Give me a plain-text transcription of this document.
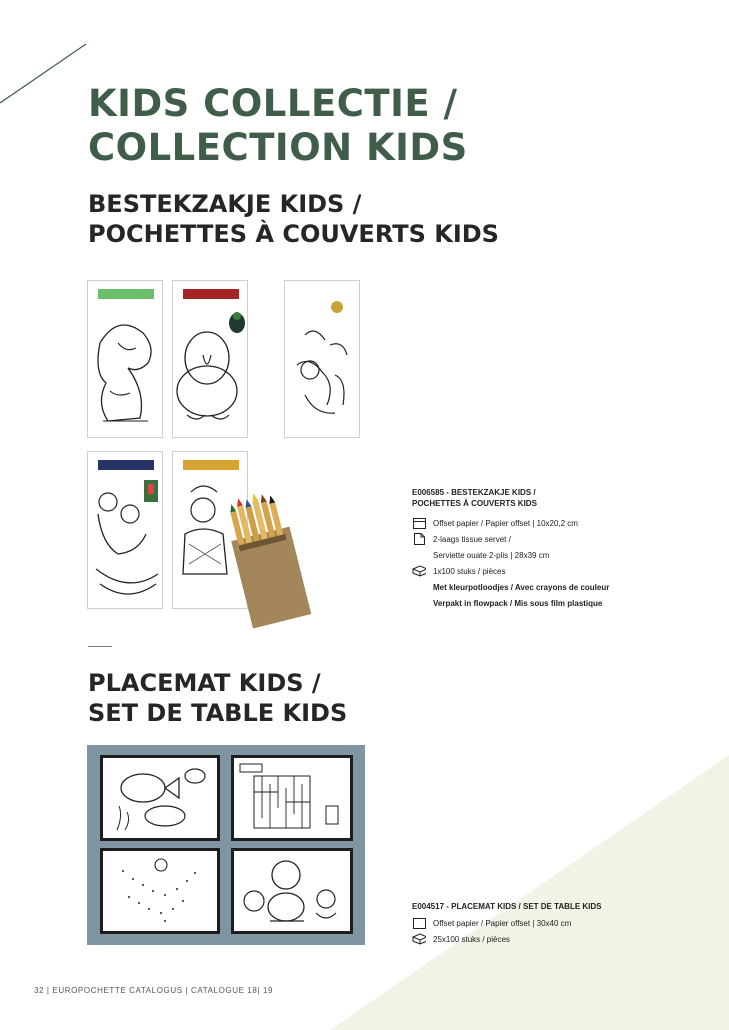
KIDS COLLECTIE /
COLLECTION KIDS
BESTEKZAKJE KIDS /
POCHETTES À COUVERTS KIDS
E006585 - BESTEKZAKJE KIDS /
POCHETTES À COUVERTS KIDS
Offset papier / Papier offset | 10x20,2 cm
2-laags tissue servet /
Serviette ouate 2-plis | 28x39 cm
1x100 stuks / pièces
Met kleurpotloodjes / Avec crayons de couleur
Verpakt in flowpack / Mis sous film plastique
PLACEMAT KIDS /
SET DE TABLE KIDS
E004517 - PLACEMAT KIDS / SET DE TABLE KIDS
Offset papier / Papier offset | 30x40 cm
25x100 stuks / pièces
32 | EUROPOCHETTE CATALOGUS | CATALOGUE 18| 19
